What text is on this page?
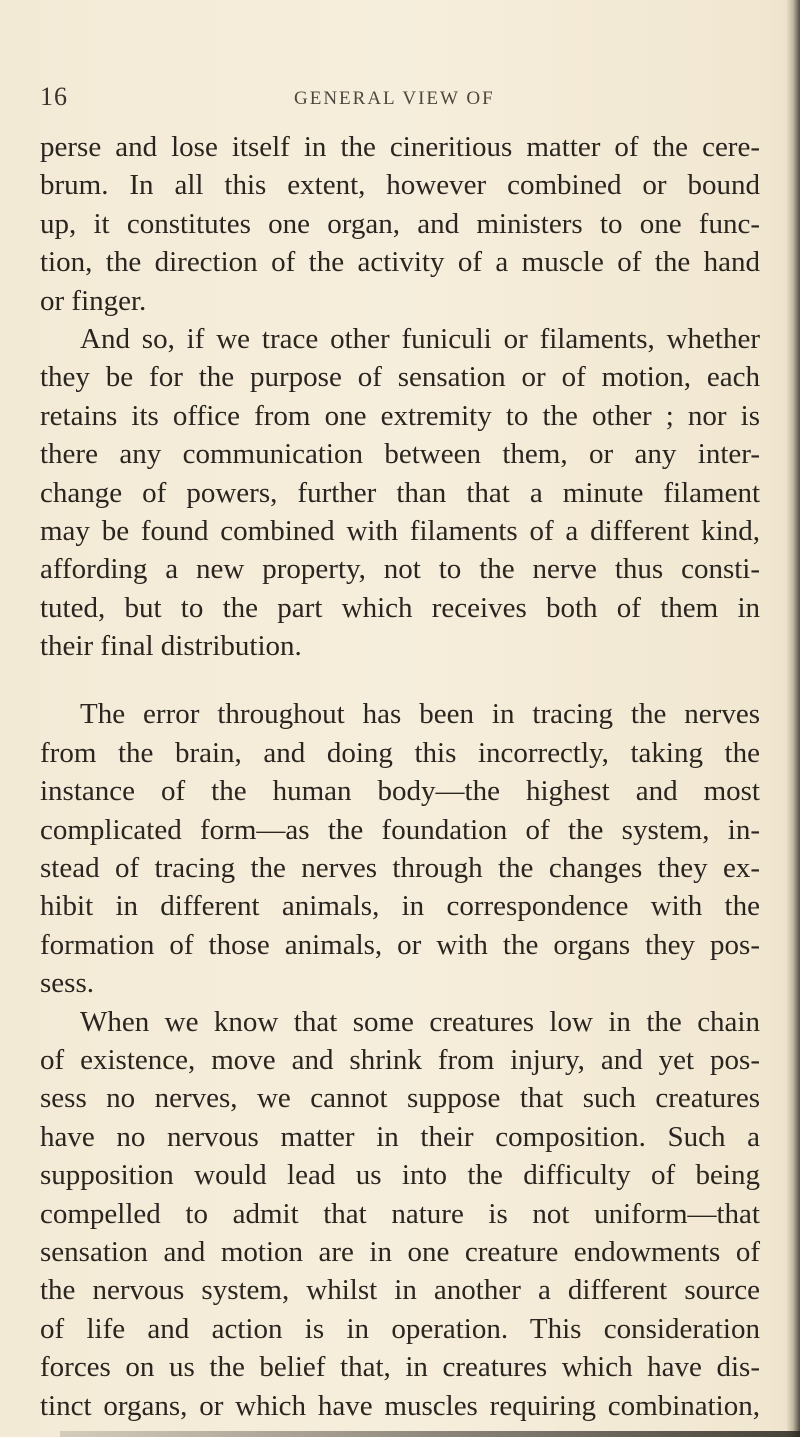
16	GENERAL VIEW OF
perse and lose itself in the cineritious matter of the cere-
brum. In all this extent, however combined or bound
up, it constitutes one organ, and ministers to one func-
tion, the direction of the activity of a muscle of the hand
or finger.
And so, if we trace other funiculi or filaments, whether
they be for the purpose of sensation or of motion, each
retains its office from one extremity to the other ; nor is
there any communication between them, or any inter-
change of powers, further than that a minute filament
may be found combined with filaments of a different kind,
affording a new property, not to the nerve thus consti-
tuted, but to the part which receives both of them in
their final distribution.
The error throughout has been in tracing the nerves
from the brain, and doing this incorrectly, taking the
instance of the human body—the highest and most
complicated form—as the foundation of the system, in-
stead of tracing the nerves through the changes they ex-
hibit in different animals, in correspondence with the
formation of those animals, or with the organs they pos-
sess.
When we know that some creatures low in the chain
of existence, move and shrink from injury, and yet pos-
sess no nerves, we cannot suppose that such creatures
have no nervous matter in their composition. Such a
supposition would lead us into the difficulty of being
compelled to admit that nature is not uniform—that
sensation and motion are in one creature endowments of
the nervous system, whilst in another a different source
of life and action is in operation. This consideration
forces on us the belief that, in creatures which have dis-
tinct organs, or which have muscles requiring combination,
